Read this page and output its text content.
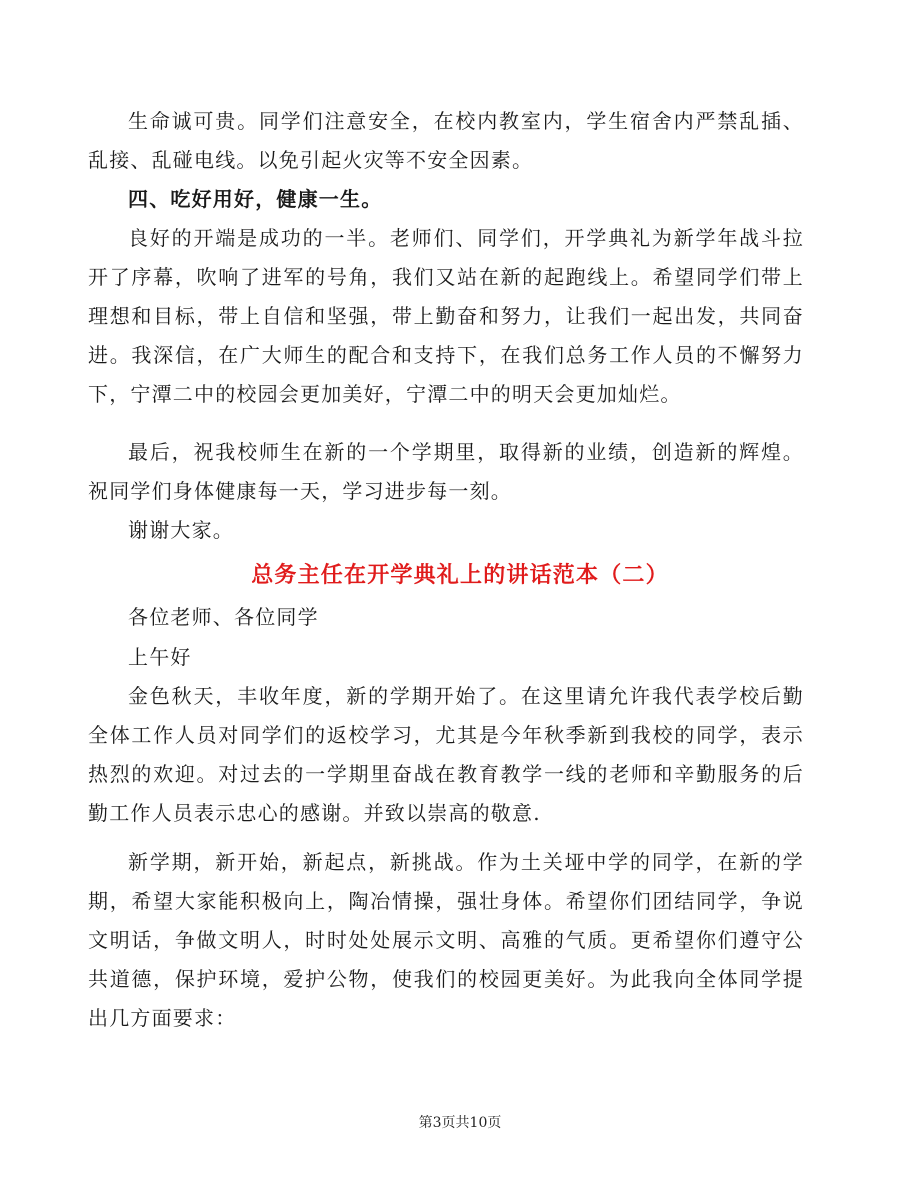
生命诚可贵。同学们注意安全，在校内教室内，学生宿舍内严禁乱插、乱接、乱碰电线。以免引起火灾等不安全因素。

四、吃好用好，健康一生。

良好的开端是成功的一半。老师们、同学们，开学典礼为新学年战斗拉开了序幕，吹响了进军的号角，我们又站在新的起跑线上。希望同学们带上理想和目标，带上自信和坚强，带上勤奋和努力，让我们一起出发，共同奋进。我深信，在广大师生的配合和支持下，在我们总务工作人员的不懈努力下，宁潭二中的校园会更加美好，宁潭二中的明天会更加灿烂。

最后，祝我校师生在新的一个学期里，取得新的业绩，创造新的辉煌。祝同学们身体健康每一天，学习进步每一刻。

谢谢大家。

总务主任在开学典礼上的讲话范本（二）

各位老师、各位同学

上午好

金色秋天，丰收年度，新的学期开始了。在这里请允许我代表学校后勤全体工作人员对同学们的返校学习，尤其是今年秋季新到我校的同学，表示热烈的欢迎。对过去的一学期里奋战在教育教学一线的老师和辛勤服务的后勤工作人员表示忠心的感谢。并致以崇高的敬意.

新学期，新开始，新起点，新挑战。作为土关垭中学的同学，在新的学期，希望大家能积极向上，陶冶情操，强壮身体。希望你们团结同学，争说文明话，争做文明人，时时处处展示文明、高雅的气质。更希望你们遵守公共道德，保护环境，爱护公物，使我们的校园更美好。为此我向全体同学提出几方面要求：

第3页共10页
